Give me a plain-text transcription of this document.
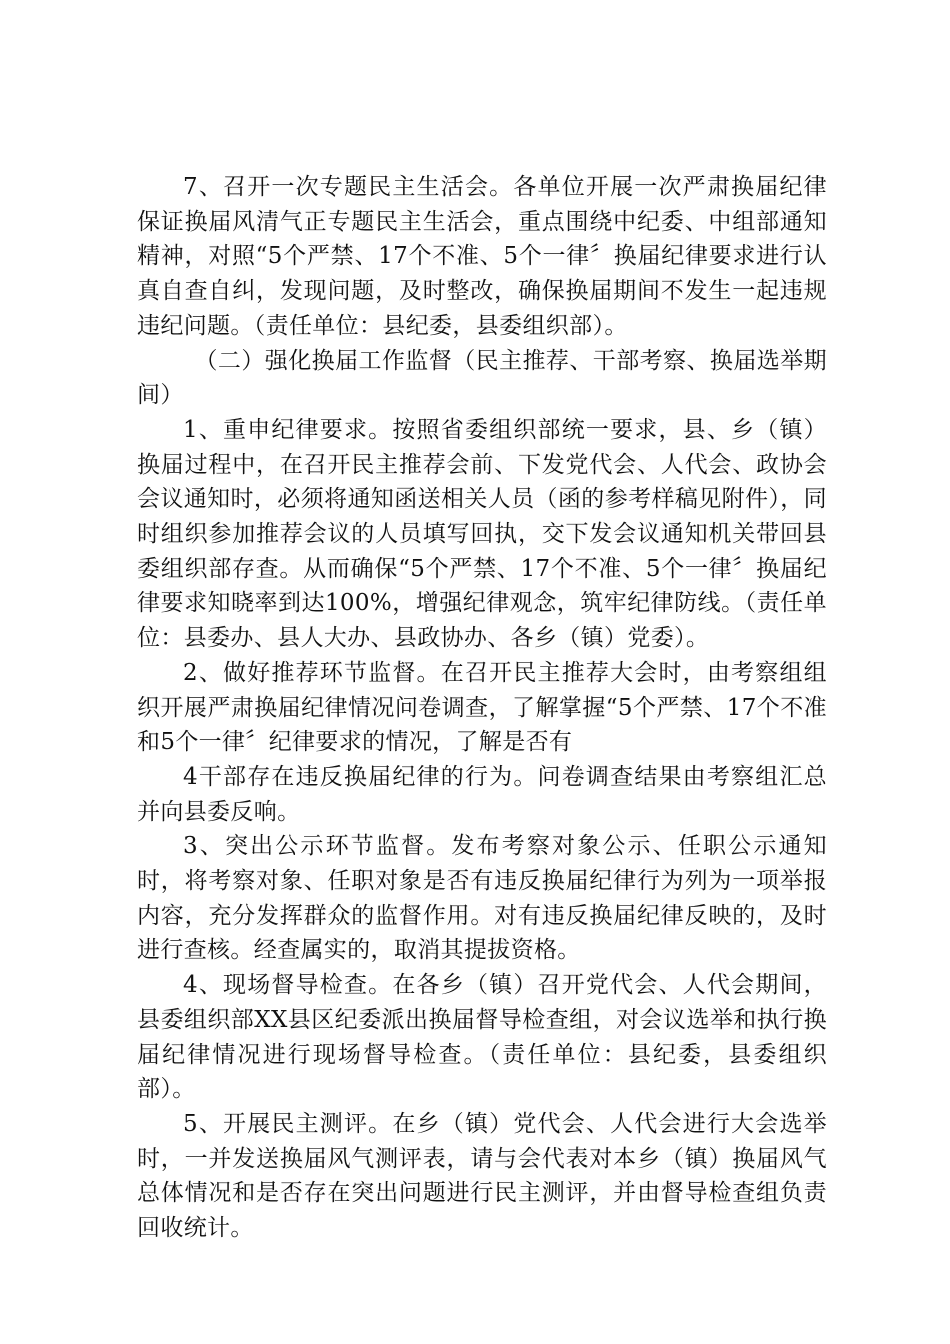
7、召开一次专题民主生活会。各单位开展一次严肃换届纪律保证换届风清气正专题民主生活会，重点围绕中纪委、中组部通知精神，对照“5个严禁、17个不准、5个一律〞换届纪律要求进行认真自查自纠，发现问题，及时整改，确保换届期间不发生一起违规违纪问题。（责任单位：县纪委，县委组织部）。

（二）强化换届工作监督（民主推荐、干部考察、换届选举期间）

1、重申纪律要求。按照省委组织部统一要求，县、乡（镇）换届过程中，在召开民主推荐会前、下发党代会、人代会、政协会会议通知时，必须将通知函送相关人员（函的参考样稿见附件），同时组织参加推荐会议的人员填写回执，交下发会议通知机关带回县委组织部存查。从而确保“5个严禁、17个不准、5个一律〞换届纪律要求知晓率到达100%，增强纪律观念，筑牢纪律防线。（责任单位：县委办、县人大办、县政协办、各乡（镇）党委）。

2、做好推荐环节监督。在召开民主推荐大会时，由考察组组织开展严肃换届纪律情况问卷调查，了解掌握“5个严禁、17个不准和5个一律〞纪律要求的情况，了解是否有

4干部存在违反换届纪律的行为。问卷调查结果由考察组汇总并向县委反响。

3、突出公示环节监督。发布考察对象公示、任职公示通知时，将考察对象、任职对象是否有违反换届纪律行为列为一项举报内容，充分发挥群众的监督作用。对有违反换届纪律反映的，及时进行查核。经查属实的，取消其提拔资格。

4、现场督导检查。在各乡（镇）召开党代会、人代会期间，县委组织部XX县区纪委派出换届督导检查组，对会议选举和执行换届纪律情况进行现场督导检查。（责任单位：县纪委，县委组织部）。

5、开展民主测评。在乡（镇）党代会、人代会进行大会选举时，一并发送换届风气测评表，请与会代表对本乡（镇）换届风气总体情况和是否存在突出问题进行民主测评，并由督导检查组负责回收统计。
